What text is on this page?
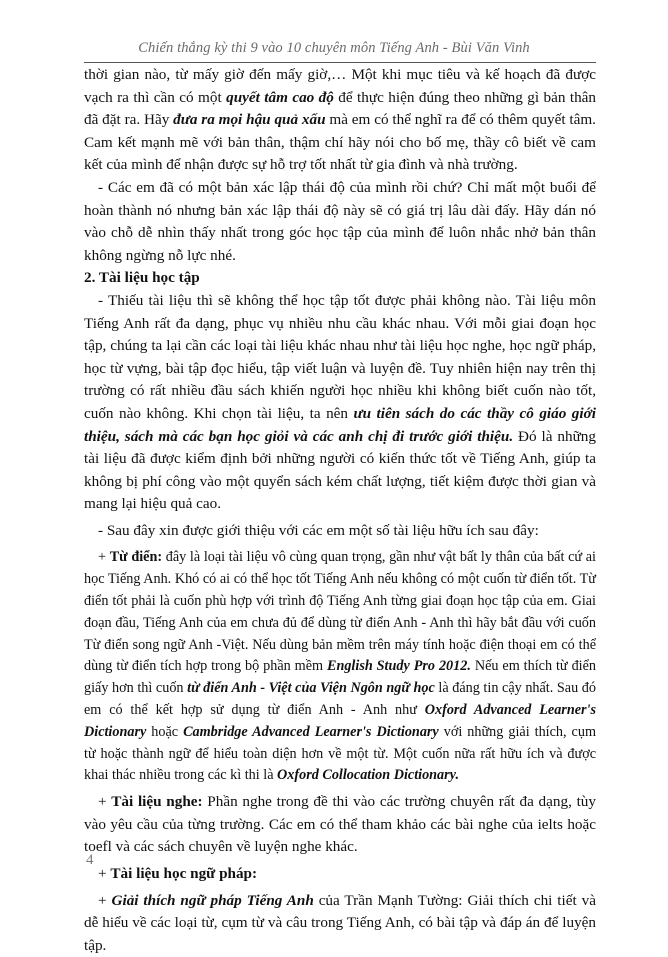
Chiến thắng kỳ thi 9 vào 10 chuyên môn Tiếng Anh - Bùi Văn Vinh

thời gian nào, từ mấy giờ đến mấy giờ,… Một khi mục tiêu và kế hoạch đã được vạch ra thì cần có một quyết tâm cao độ để thực hiện đúng theo những gì bản thân đã đặt ra. Hãy đưa ra mọi hậu quả xấu mà em có thể nghĩ ra để có thêm quyết tâm. Cam kết mạnh mẽ với bản thân, thậm chí hãy nói cho bố mẹ, thầy cô biết về cam kết của mình để nhận được sự hỗ trợ tốt nhất từ gia đình và nhà trường.

- Các em đã có một bản xác lập thái độ của mình rồi chứ? Chỉ mất một buổi để hoàn thành nó nhưng bản xác lập thái độ này sẽ có giá trị lâu dài đấy. Hãy dán nó vào chỗ dễ nhìn thấy nhất trong góc học tập của mình để luôn nhắc nhở bản thân không ngừng nỗ lực nhé.

2. Tài liệu học tập

- Thiếu tài liệu thì sẽ không thể học tập tốt được phải không nào. Tài liệu môn Tiếng Anh rất đa dạng, phục vụ nhiều nhu cầu khác nhau. Với mỗi giai đoạn học tập, chúng ta lại cần các loại tài liệu khác nhau như tài liệu học nghe, học ngữ pháp, học từ vựng, bài tập đọc hiểu, tập viết luận và luyện đề. Tuy nhiên hiện nay trên thị trường có rất nhiều đầu sách khiến người học nhiều khi không biết cuốn nào tốt, cuốn nào không. Khi chọn tài liệu, ta nên ưu tiên sách do các thầy cô giáo giới thiệu, sách mà các bạn học giỏi và các anh chị đi trước giới thiệu. Đó là những tài liệu đã được kiểm định bởi những người có kiến thức tốt về Tiếng Anh, giúp ta không bị phí công vào một quyển sách kém chất lượng, tiết kiệm được thời gian và mang lại hiệu quả cao.

- Sau đây xin được giới thiệu với các em một số tài liệu hữu ích sau đây:

+ Từ điển: đây là loại tài liệu vô cùng quan trọng, gần như vật bất ly thân của bất cứ ai học Tiếng Anh. Khó có ai có thể học tốt Tiếng Anh nếu không có một cuốn từ điển tốt. Từ điển tốt phải là cuốn phù hợp với trình độ Tiếng Anh từng giai đoạn học tập của em. Giai đoạn đầu, Tiếng Anh của em chưa đủ để dùng từ điển Anh - Anh thì hãy bắt đầu với cuốn Từ điển song ngữ Anh -Việt. Nếu dùng bản mềm trên máy tính hoặc điện thoại em có thể dùng từ điển tích hợp trong bộ phần mềm English Study Pro 2012. Nếu em thích từ điển giấy hơn thì cuốn từ điển Anh - Việt của Viện Ngôn ngữ học là đáng tin cậy nhất. Sau đó em có thể kết hợp sử dụng từ điển Anh - Anh như Oxford Advanced Learner's Dictionary hoặc Cambridge Advanced Learner's Dictionary với những giải thích, cụm từ hoặc thành ngữ để hiểu toàn diện hơn về một từ. Một cuốn nữa rất hữu ích và được khai thác nhiều trong các kì thi là Oxford Collocation Dictionary.

+ Tài liệu nghe: Phần nghe trong đề thi vào các trường chuyên rất đa dạng, tùy vào yêu cầu của từng trường. Các em có thể tham khảo các bài nghe của ielts hoặc toefl và các sách chuyên về luyện nghe khác.

+ Tài liệu học ngữ pháp:

+ Giải thích ngữ pháp Tiếng Anh của Trần Mạnh Tường: Giải thích chi tiết và dễ hiểu về các loại từ, cụm từ và câu trong Tiếng Anh, có bài tập và đáp án để luyện tập.

4
